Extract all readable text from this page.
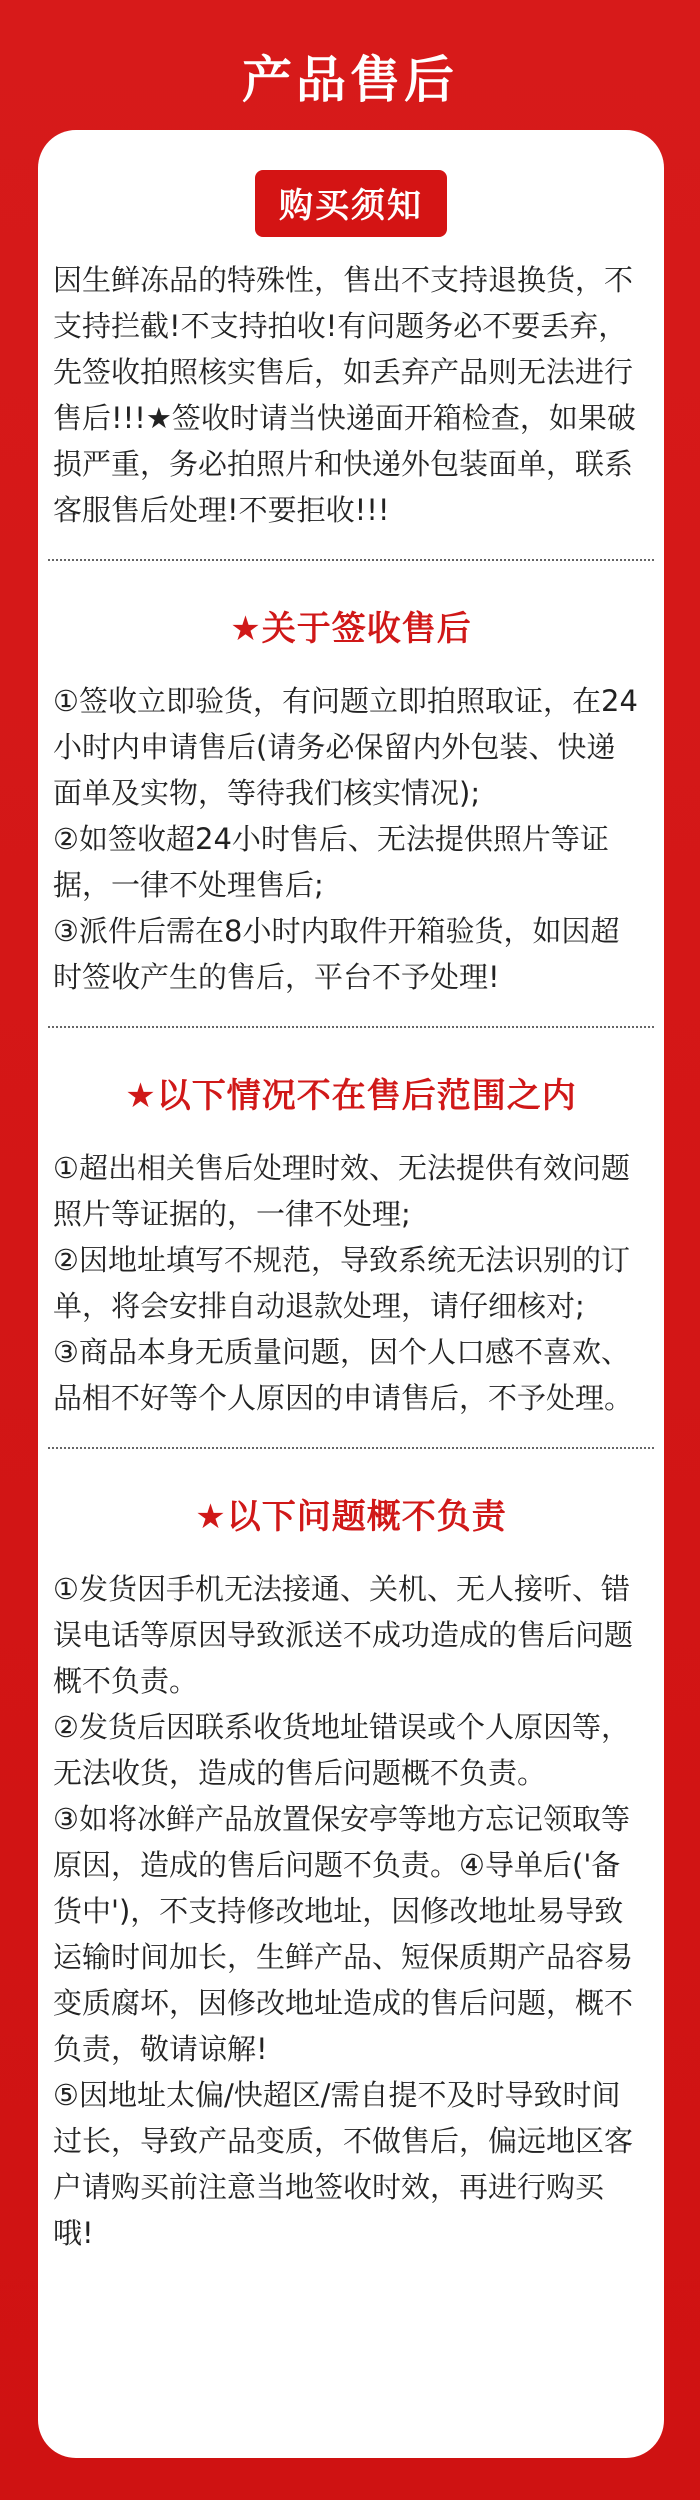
产品售后
购买须知

因生鲜冻品的特殊性，售出不支持退换货，不支持拦截!不支持拍收!有问题务必不要丢弃，先签收拍照核实售后，如丢弃产品则无法进行售后!!!★签收时请当快递面开箱检查，如果破损严重，务必拍照片和快递外包装面单，联系客服售后处理!不要拒收!!!

★关于签收售后

①签收立即验货，有问题立即拍照取证，在24小时内申请售后(请务必保留内外包装、快递面单及实物，等待我们核实情况);

②如签收超24小时售后、无法提供照片等证据，一律不处理售后;

③派件后需在8小时内取件开箱验货，如因超时签收产生的售后，平台不予处理!

★以下情况不在售后范围之内

①超出相关售后处理时效、无法提供有效问题照片等证据的，一律不处理;

②因地址填写不规范，导致系统无法识别的订单，将会安排自动退款处理，请仔细核对;

③商品本身无质量问题，因个人口感不喜欢、品相不好等个人原因的申请售后，不予处理。

★以下问题概不负责

①发货因手机无法接通、关机、无人接听、错误电话等原因导致派送不成功造成的售后问题概不负责。

②发货后因联系收货地址错误或个人原因等，无法收货，造成的售后问题概不负责。

③如将冰鲜产品放置保安亭等地方忘记领取等原因，造成的售后问题不负责。④导单后('备货中')，不支持修改地址，因修改地址易导致运输时间加长，生鲜产品、短保质期产品容易变质腐坏，因修改地址造成的售后问题，概不负责，敬请谅解!

⑤因地址太偏/快超区/需自提不及时导致时间过长，导致产品变质，不做售后，偏远地区客户请购买前注意当地签收时效，再进行购买哦!
